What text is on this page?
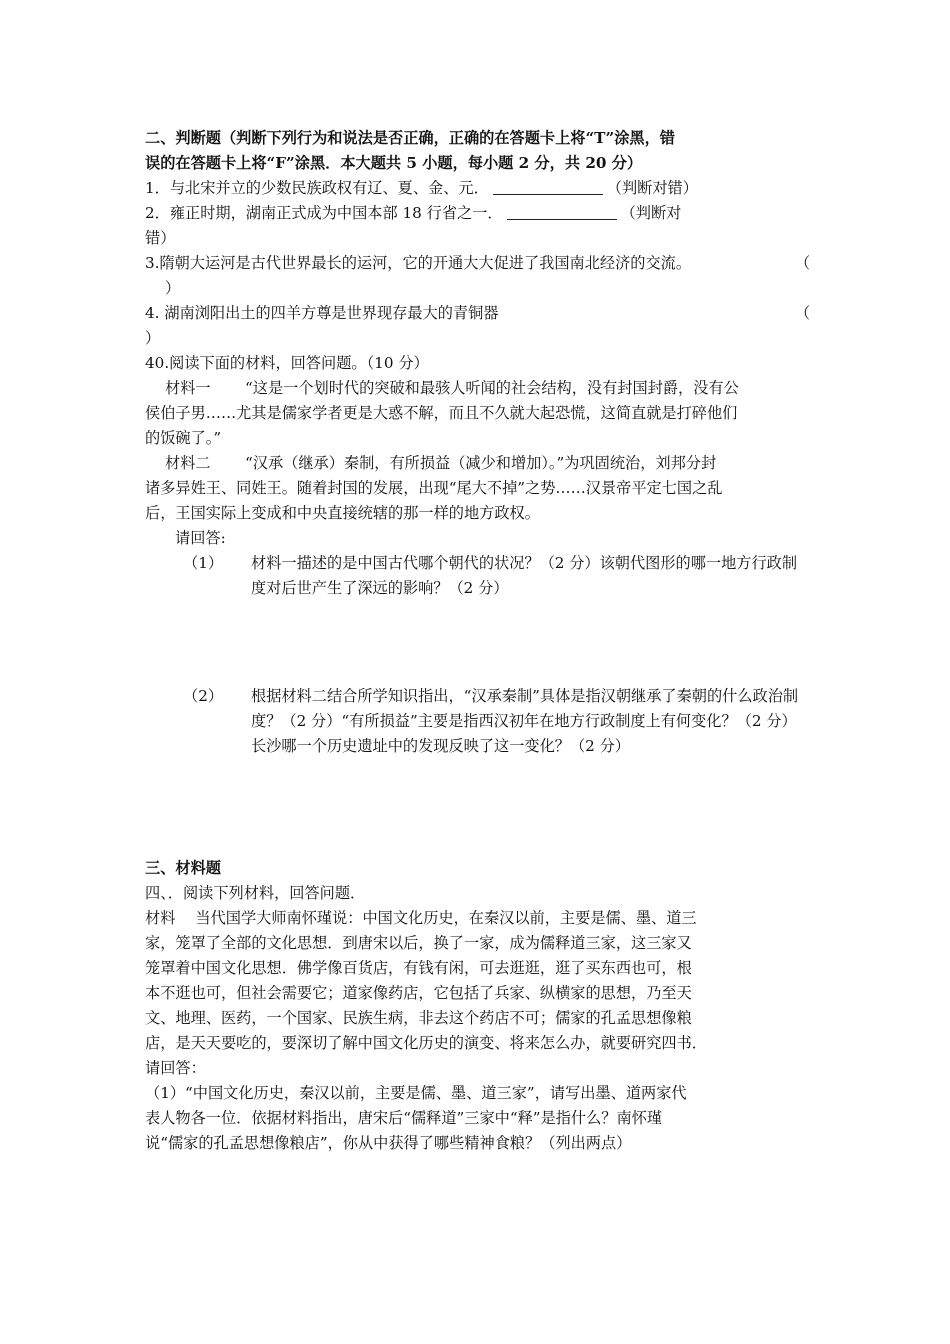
二、判断题（判断下列行为和说法是否正确，正确的在答题卡上将“T”涂黑，错
误的在答题卡上将“F”涂黑．本大题共 5 小题，每小题 2 分，共 20 分）
1．与北宋并立的少数民族政权有辽、夏、金、元．	（判断对错）
2．雍正时期，湖南正式成为中国本部 18 行省之一．	（判断对
错）
3.隋朝大运河是古代世界最长的运河，它的开通大大促进了我国南北经济的交流。	（
）
4. 湖南浏阳出土的四羊方尊是世界现存最大的青铜器	（
）
40.阅读下面的材料，回答问题。（10 分）
材料一 “这是一个划时代的突破和最骇人听闻的社会结构，没有封国封爵，没有公
侯伯子男……尤其是儒家学者更是大惑不解，而且不久就大起恐慌，这简直就是打碎他们
的饭碗了。”
材料二 “汉承（继承）秦制，有所损益（减少和增加）。”为巩固统治，刘邦分封
诸多异姓王、同姓王。随着封国的发展，出现“尾大不掉”之势……汉景帝平定七国之乱
后，王国实际上变成和中央直接统辖的那一样的地方政权。
请回答:
（1）	材料一描述的是中国古代哪个朝代的状况？（2 分）该朝代图形的哪一地方行政制度对后世产生了深远的影响？（2 分）
（2）	根据材料二结合所学知识指出，“汉承秦制”具体是指汉朝继承了秦朝的什么政治制度？（2 分）“有所损益”主要是指西汉初年在地方行政制度上有何变化？（2 分）长沙哪一个历史遗址中的发现反映了这一变化？（2 分）
三、材料题
四、．阅读下列材料，回答问题．
材料　 当代国学大师南怀瑾说：中国文化历史，在秦汉以前，主要是儒、墨、道三
家，笼罩了全部的文化思想．到唐宋以后，换了一家，成为儒释道三家，这三家又
笼罩着中国文化思想．佛学像百货店，有钱有闲，可去逛逛，逛了买东西也可，根
本不逛也可，但社会需要它；道家像药店，它包括了兵家、纵横家的思想，乃至天
文、地理、医药，一个国家、民族生病，非去这个药店不可；儒家的孔孟思想像粮
店，是天天要吃的，要深切了解中国文化历史的演变、将来怎么办，就要研究四书．
请回答：
（1）“中国文化历史，秦汉以前，主要是儒、墨、道三家”，请写出墨、道两家代
表人物各一位．依据材料指出，唐宋后“儒释道”三家中“释”是指什么？南怀瑾
说“儒家的孔孟思想像粮店”，你从中获得了哪些精神食粮？（列出两点）
